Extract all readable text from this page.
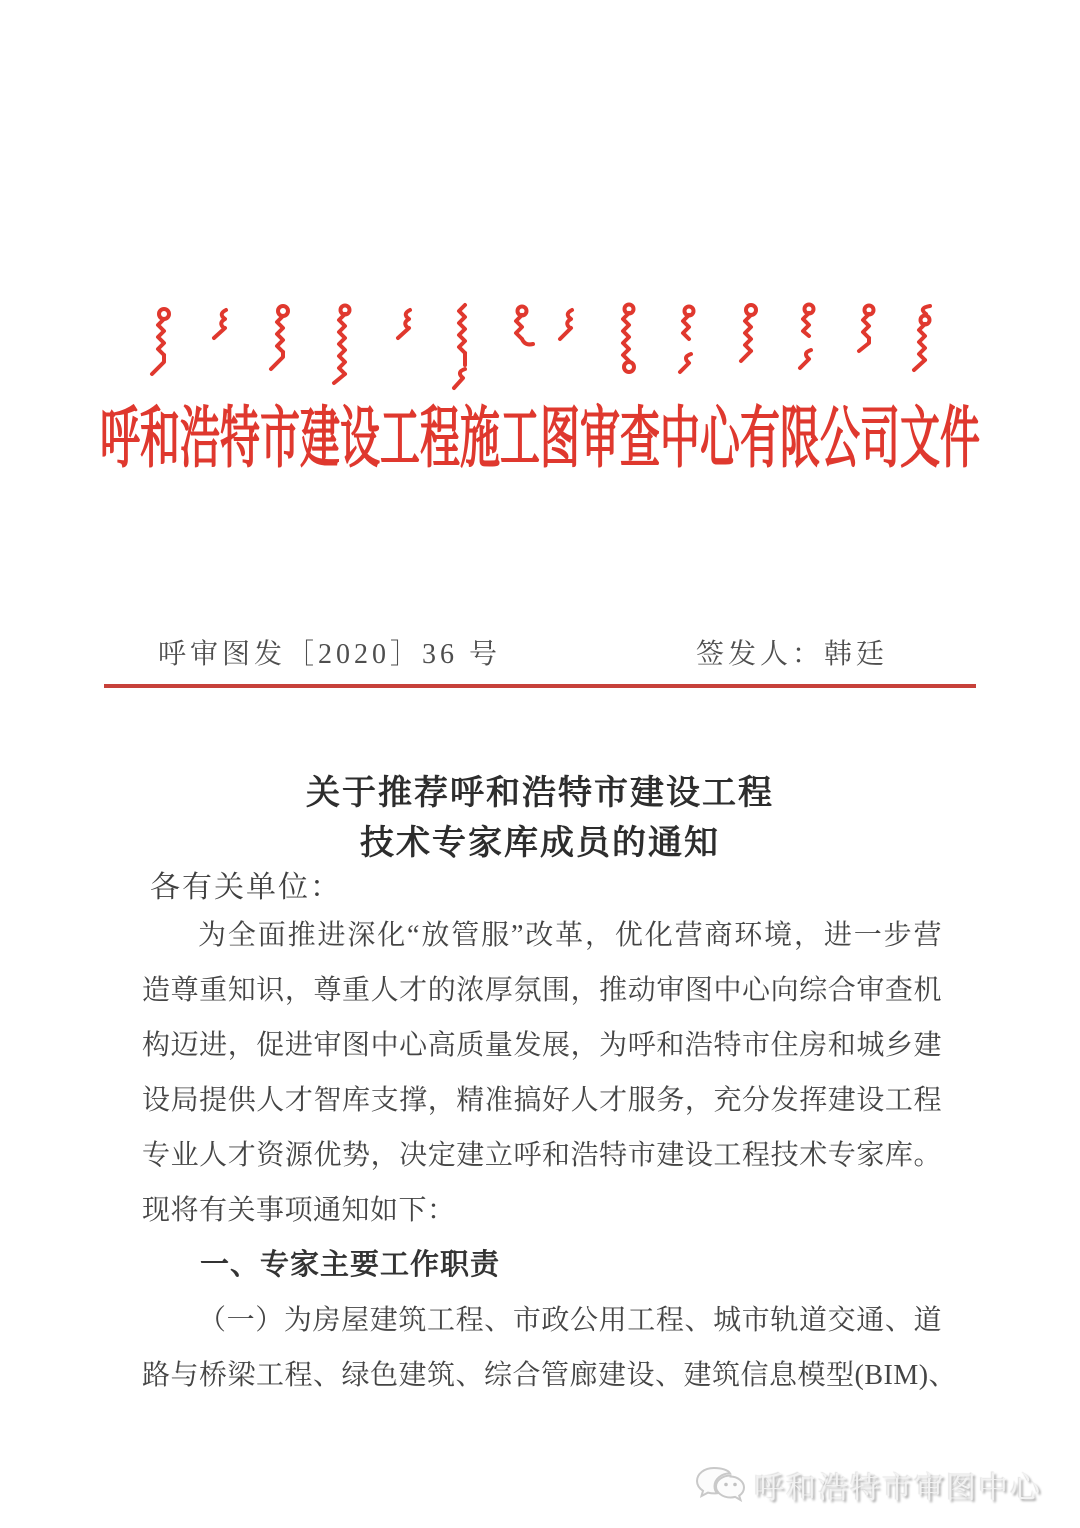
呼和浩特市建设工程施工图审查中心有限公司文件
呼审图发［2020］36 号	签发人：韩廷
关于推荐呼和浩特市建设工程
技术专家库成员的通知
各有关单位：
为全面推进深化“放管服”改革，优化营商环境，进一步营
造尊重知识，尊重人才的浓厚氛围，推动审图中心向综合审查机
构迈进，促进审图中心高质量发展，为呼和浩特市住房和城乡建
设局提供人才智库支撑，精准搞好人才服务，充分发挥建设工程
专业人才资源优势，决定建立呼和浩特市建设工程技术专家库。
现将有关事项通知如下：
一、专家主要工作职责
（一）为房屋建筑工程、市政公用工程、城市轨道交通、道
路与桥梁工程、绿色建筑、综合管廊建设、建筑信息模型(BIM)、
呼和浩特市审图中心
